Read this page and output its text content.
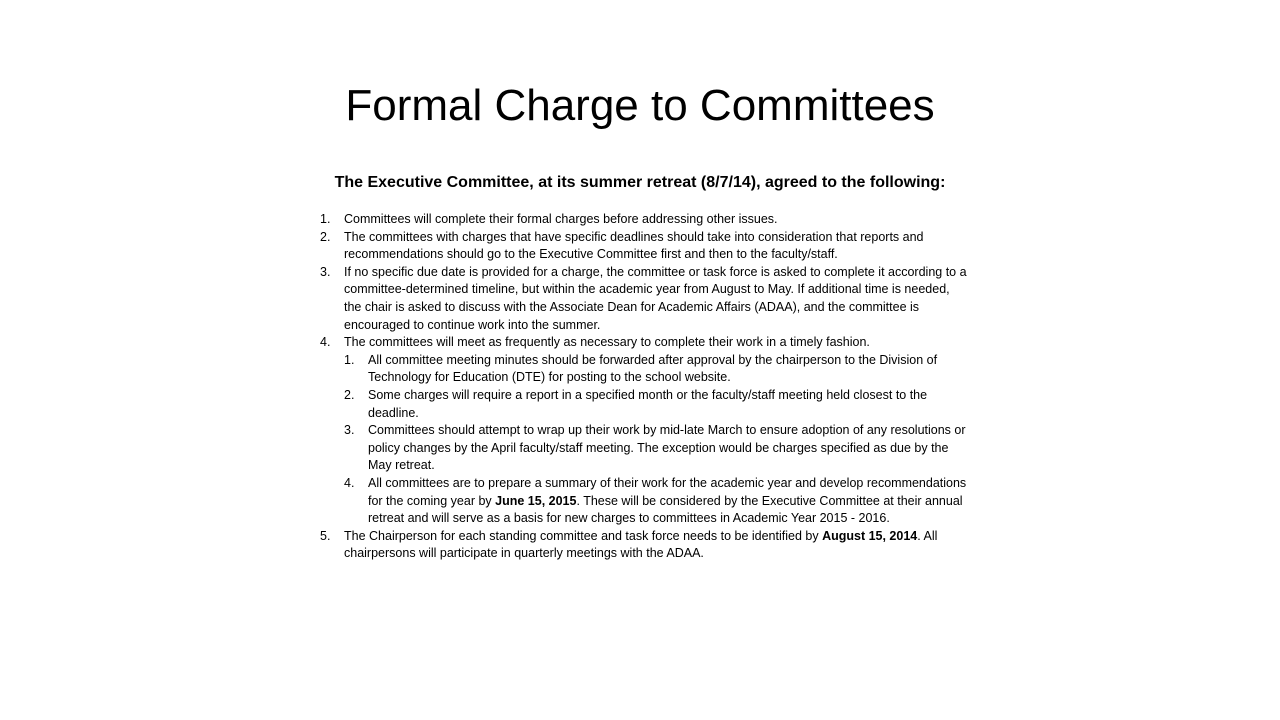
Formal Charge to Committees

The Executive Committee, at its summer retreat (8/7/14), agreed to the following:

1.	Committees will complete their formal charges before addressing other issues.
2.	The committees with charges that have specific deadlines should take into consideration that reports and recommendations should go to the Executive Committee first and then to the faculty/staff.
3.	If no specific due date is provided for a charge, the committee or task force is asked to complete it according to a committee-determined timeline, but within the academic year from August to May. If additional time is needed, the chair is asked to discuss with the Associate Dean for Academic Affairs (ADAA), and the committee is encouraged to continue work into the summer.
4.	The committees will meet as frequently as necessary to complete their work in a timely fashion.
1.	All committee meeting minutes should be forwarded after approval by the chairperson to the Division of Technology for Education (DTE) for posting to the school website.
2.	Some charges will require a report in a specified month or the faculty/staff meeting held closest to the deadline.
3.	Committees should attempt to wrap up their work by mid-late March to ensure adoption of any resolutions or policy changes by the April faculty/staff meeting. The exception would be charges specified as due by the May retreat.
4.	All committees are to prepare a summary of their work for the academic year and develop recommendations for the coming year by June 15, 2015. These will be considered by the Executive Committee at their annual retreat and will serve as a basis for new charges to committees in Academic Year 2015 - 2016.
5.	The Chairperson for each standing committee and task force needs to be identified by August 15, 2014. All chairpersons will participate in quarterly meetings with the ADAA.
